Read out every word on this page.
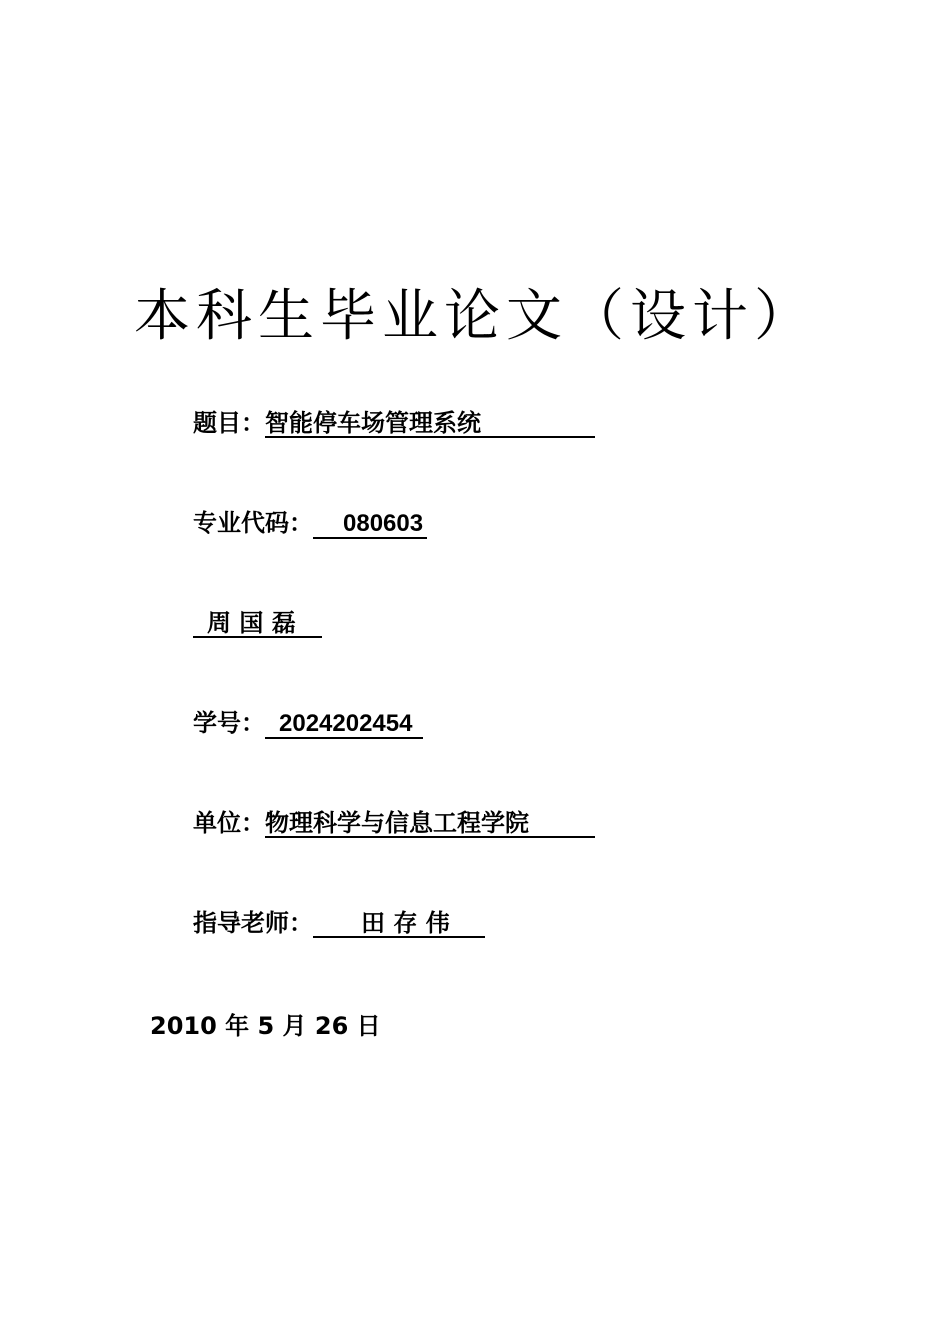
本科生毕业论文（设计）
题目：智能停车场管理系统
专业代码： 080603
周 国 磊
学号： 2024202454
单位：物理科学与信息工程学院
指导老师： 田 存 伟
2010 年 5 月 26 日
